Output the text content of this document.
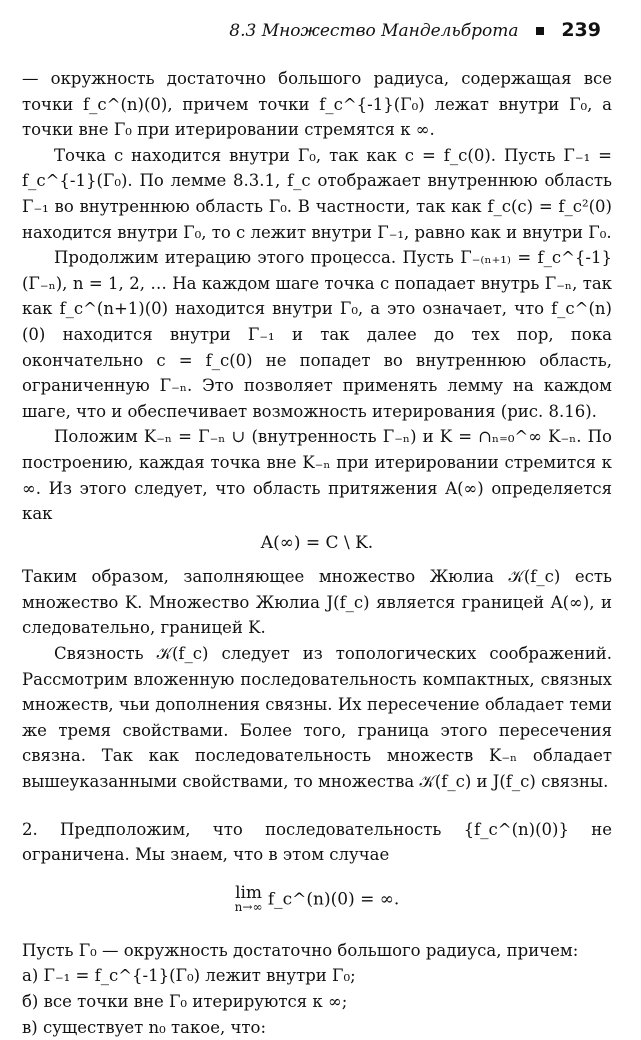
8.3 Множество Мандельброта 239

— окружность достаточно большого радиуса, содержащая все точки f_c^(n)(0), причем точки f_c^{-1}(Γ₀) лежат внутри Γ₀, а точки вне Γ₀ при итерировании стремятся к ∞.

Точка c находится внутри Γ₀, так как c = f_c(0). Пусть Γ₋₁ = f_c^{-1}(Γ₀). По лемме 8.3.1, f_c отображает внутреннюю область Γ₋₁ во внутреннюю область Γ₀. В частности, так как f_c(c) = f_c²(0) находится внутри Γ₀, то c лежит внутри Γ₋₁, равно как и внутри Γ₀.

Продолжим итерацию этого процесса. Пусть Γ₋₍ₙ₊₁₎ = f_c^{-1}(Γ₋ₙ), n = 1, 2, … На каждом шаге точка c попадает внутрь Γ₋ₙ, так как f_c^(n+1)(0) находится внутри Γ₀, а это означает, что f_c^(n)(0) находится внутри Γ₋₁ и так далее до тех пор, пока окончательно c = f_c(0) не попадет во внутреннюю область, ограниченную Γ₋ₙ. Это позволяет применять лемму на каждом шаге, что и обеспечивает возможность итерирования (рис. 8.16).

Положим K₋ₙ = Γ₋ₙ ∪ (внутренность Γ₋ₙ) и K = ∩ₙ₌₀^∞ K₋ₙ. По построению, каждая точка вне K₋ₙ при итерировании стремится к ∞. Из этого следует, что область притяжения A(∞) определяется как

A(∞) = C \ K.

Таким образом, заполняющее множество Жюлиа 𝒦(f_c) есть множество K. Множество Жюлиа J(f_c) является границей A(∞), и следовательно, границей K.

Связность 𝒦(f_c) следует из топологических соображений. Рассмотрим вложенную последовательность компактных, связных множеств, чьи дополнения связны. Их пересечение обладает теми же тремя свойствами. Более того, граница этого пересечения связна. Так как последовательность множеств K₋ₙ обладает вышеуказанными свойствами, то множества 𝒦(f_c) и J(f_c) связны.

2. Предположим, что последовательность {f_c^(n)(0)} не ограничена. Мы знаем, что в этом случае

lim
n→∞ f_c^(n)(0) = ∞.

Пусть Γ₀ — окружность достаточно большого радиуса, причем:

а) Γ₋₁ = f_c^{-1}(Γ₀) лежит внутри Γ₀;

б) все точки вне Γ₀ итерируются к ∞;

в) существует n₀ такое, что:
